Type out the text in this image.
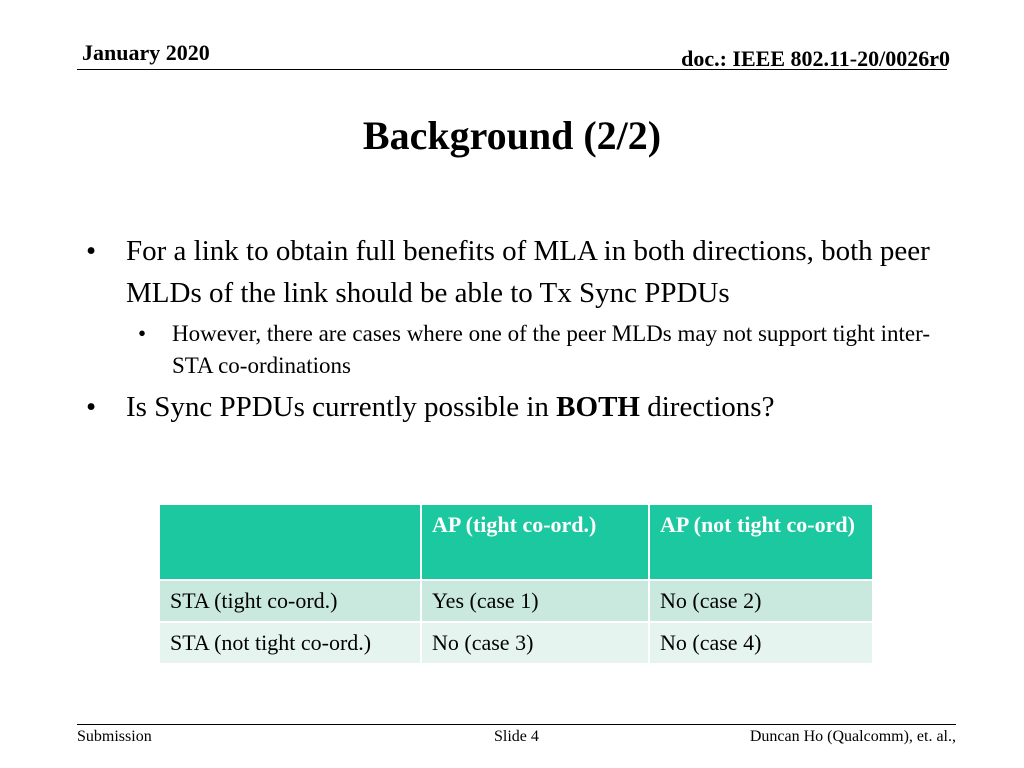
January 2020	doc.: IEEE 802.11-20/0026r0
Background (2/2)
• For a link to obtain full benefits of MLA in both directions, both peer MLDs of the link should be able to Tx Sync PPDUs
• However, there are cases where one of the peer MLDs may not support tight inter-STA co-ordinations
• Is Sync PPDUs currently possible in BOTH directions?
	AP (tight co-ord.)	AP (not tight co-ord)
STA (tight co-ord.)	Yes (case 1)	No (case 2)
STA (not tight co-ord.)	No (case 3)	No (case 4)
Submission	Slide 4	Duncan Ho (Qualcomm), et. al.,
